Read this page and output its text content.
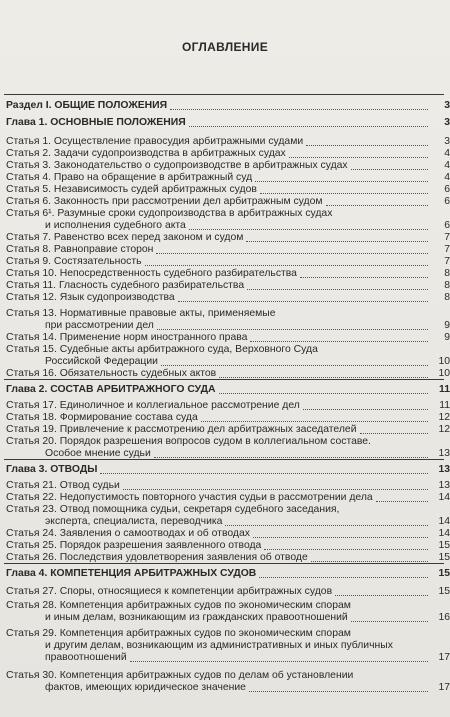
ОГЛАВЛЕНИЕ
Раздел I. ОБЩИЕ ПОЛОЖЕНИЯ	3
Глава 1. ОСНОВНЫЕ ПОЛОЖЕНИЯ	3
Статья 1. Осуществление правосудия арбитражными судами	3
Статья 2. Задачи судопроизводства в арбитражных судах	4
Статья 3. Законодательство о судопроизводстве в арбитражных судах	4
Статья 4. Право на обращение в арбитражный суд	4
Статья 5. Независимость судей арбитражных судов	6
Статья 6. Законность при рассмотрении дел арбитражным судом	6
Статья 6¹. Разумные сроки судопроизводства в арбитражных судах
и исполнения судебного акта	6
Статья 7. Равенство всех перед законом и судом	7
Статья 8. Равноправие сторон	7
Статья 9. Состязательность	7
Статья 10. Непосредственность судебного разбирательства	8
Статья 11. Гласность судебного разбирательства	8
Статья 12. Язык судопроизводства	8
Статья 13. Нормативные правовые акты, применяемые
при рассмотрении дел	9
Статья 14. Применение норм иностранного права	9
Статья 15. Судебные акты арбитражного суда, Верховного Суда
Российской Федерации	10
Статья 16. Обязательность судебных актов	10
Глава 2. СОСТАВ АРБИТРАЖНОГО СУДА	11
Статья 17. Единоличное и коллегиальное рассмотрение дел	11
Статья 18. Формирование состава суда	12
Статья 19. Привлечение к рассмотрению дел арбитражных заседателей	12
Статья 20. Порядок разрешения вопросов судом в коллегиальном составе.
Особое мнение судьи	13
Глава 3. ОТВОДЫ	13
Статья 21. Отвод судьи	13
Статья 22. Недопустимость повторного участия судьи в рассмотрении дела	14
Статья 23. Отвод помощника судьи, секретаря судебного заседания,
эксперта, специалиста, переводчика	14
Статья 24. Заявления о самоотводах и об отводах	14
Статья 25. Порядок разрешения заявленного отвода	15
Статья 26. Последствия удовлетворения заявления об отводе	15
Глава 4. КОМПЕТЕНЦИЯ АРБИТРАЖНЫХ СУДОВ	15
Статья 27. Споры, относящиеся к компетенции арбитражных судов	15
Статья 28. Компетенция арбитражных судов по экономическим спорам
и иным делам, возникающим из гражданских правоотношений	16
Статья 29. Компетенция арбитражных судов по экономическим спорам
и другим делам, возникающим из административных и иных публичных
правоотношений	17
Статья 30. Компетенция арбитражных судов по делам об установлении
фактов, имеющих юридическое значение	17
